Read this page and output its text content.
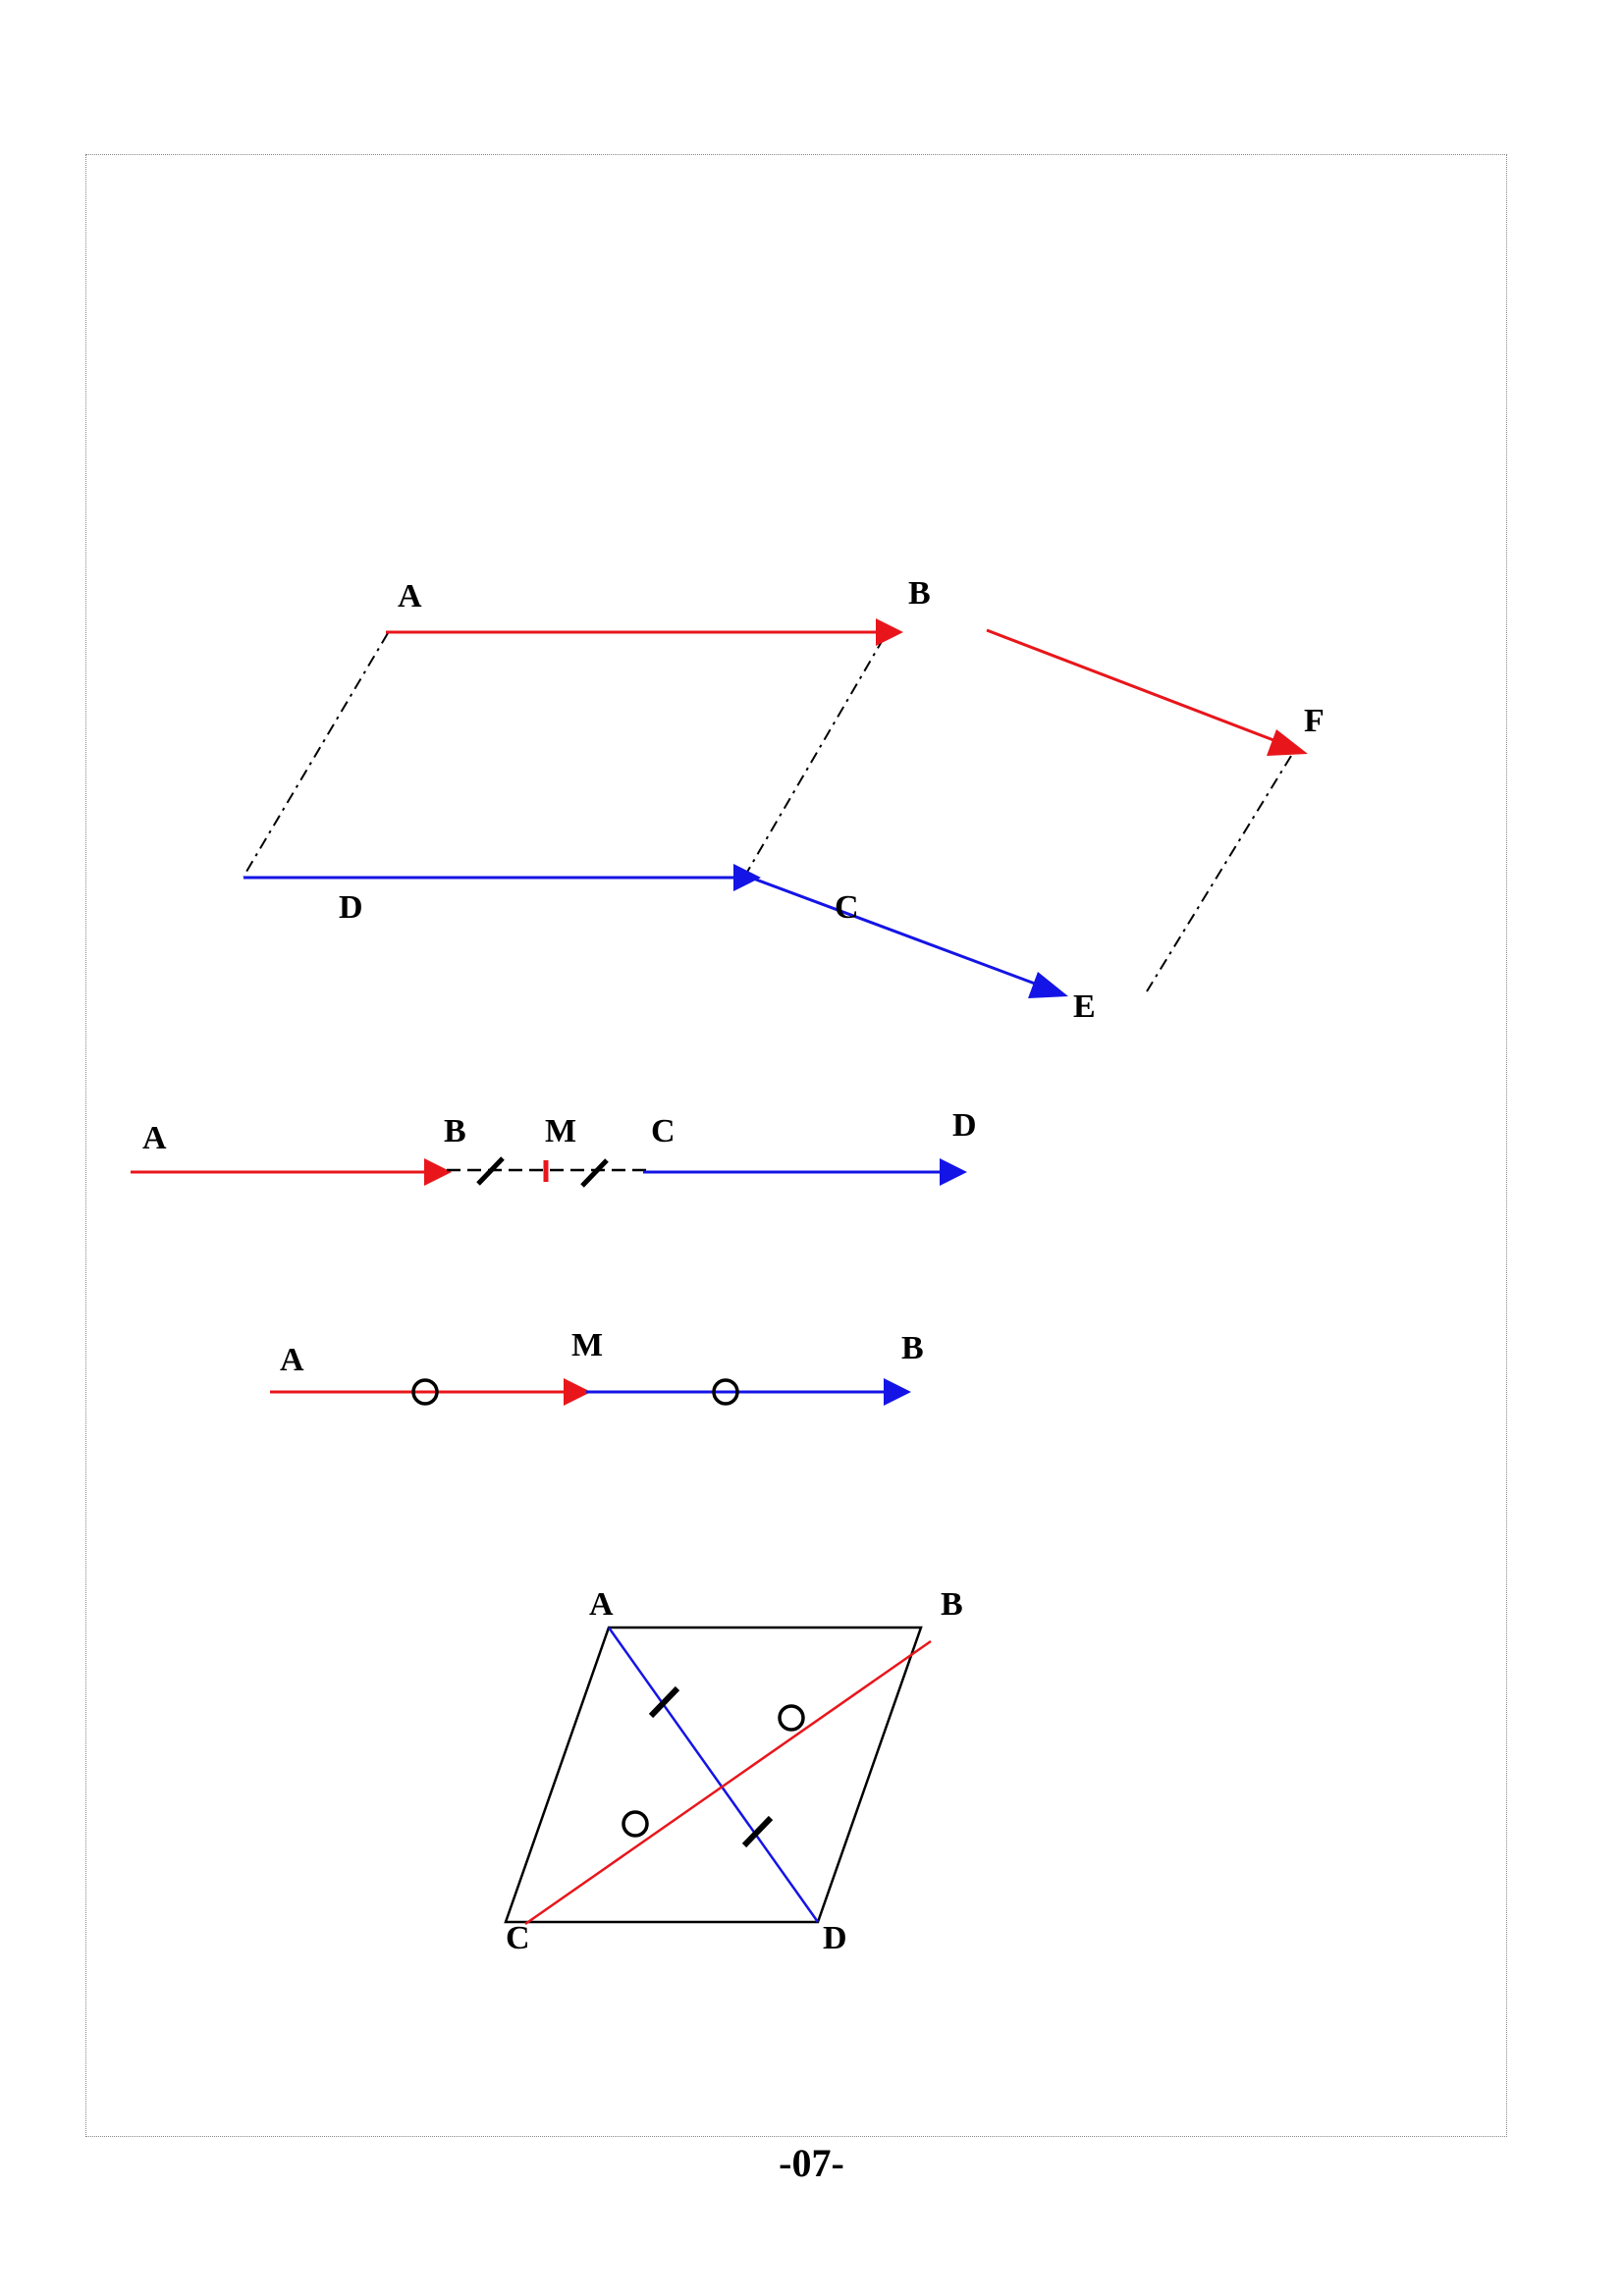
A	B
C
D
E
F
A	B M C	D
A	M	B
A	B
C	D
-07-
